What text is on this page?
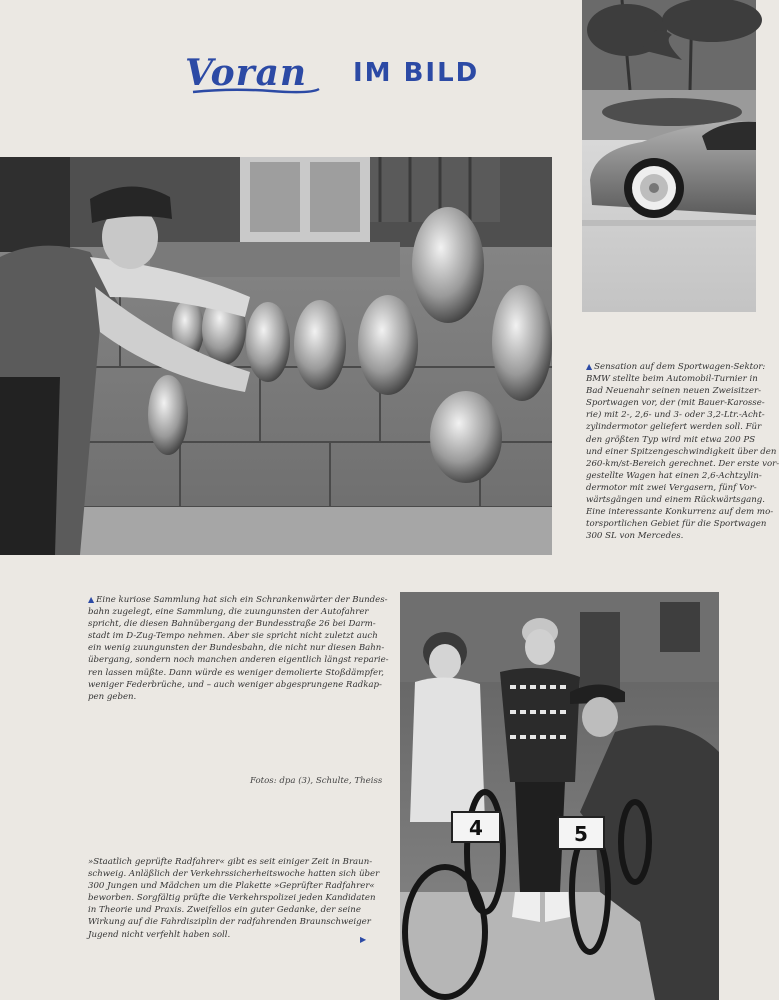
Voran IM BILD
4	5
▲ Sensation auf dem Sportwagen-Sektor:
BMW stellte beim Automobil-Turnier in
Bad Neuenahr seinen neuen Zweisitzer-
Sportwagen vor, der (mit Bauer-Karosse-
rie) mit 2-, 2,6- und 3- oder 3,2-Ltr.-Acht-
zylindermotor geliefert werden soll. Für
den größten Typ wird mit etwa 200 PS
und einer Spitzengeschwindigkeit über den
260-km/st-Bereich gerechnet. Der erste vor-
gestellte Wagen hat einen 2,6-Achtzylin-
dermotor mit zwei Vergasern, fünf Vor-
wärtsgängen und einem Rückwärtsgang.
Eine interessante Konkurrenz auf dem mo-
torsportlichen Gebiet für die Sportwagen
300 SL von Mercedes.
▲ Eine kuriose Sammlung hat sich ein Schrankenwärter der Bundes-
bahn zugelegt, eine Sammlung, die zuungunsten der Autofahrer
spricht, die diesen Bahnübergang der Bundesstraße 26 bei Darm-
stadt im D-Zug-Tempo nehmen. Aber sie spricht nicht zuletzt auch
ein wenig zuungunsten der Bundesbahn, die nicht nur diesen Bahn-
übergang, sondern noch manchen anderen eigentlich längst reparie-
ren lassen müßte. Dann würde es weniger demolierte Stoßdämpfer,
weniger Federbrüche, und – auch weniger abgesprungene Radkap-
pen geben.
Fotos: dpa (3), Schulte, Theiss
»Staatlich geprüfte Radfahrer« gibt es seit einiger Zeit in Braun-
schweig. Anläßlich der Verkehrssicherheitswoche hatten sich über
300 Jungen und Mädchen um die Plakette »Geprüfter Radfahrer«
beworben. Sorgfältig prüfte die Verkehrspolizei jeden Kandidaten
in Theorie und Praxis. Zweifellos ein guter Gedanke, der seine
Wirkung auf die Fahrdisziplin der radfahrenden Braunschweiger
Jugend nicht verfehlt haben soll.	▶
